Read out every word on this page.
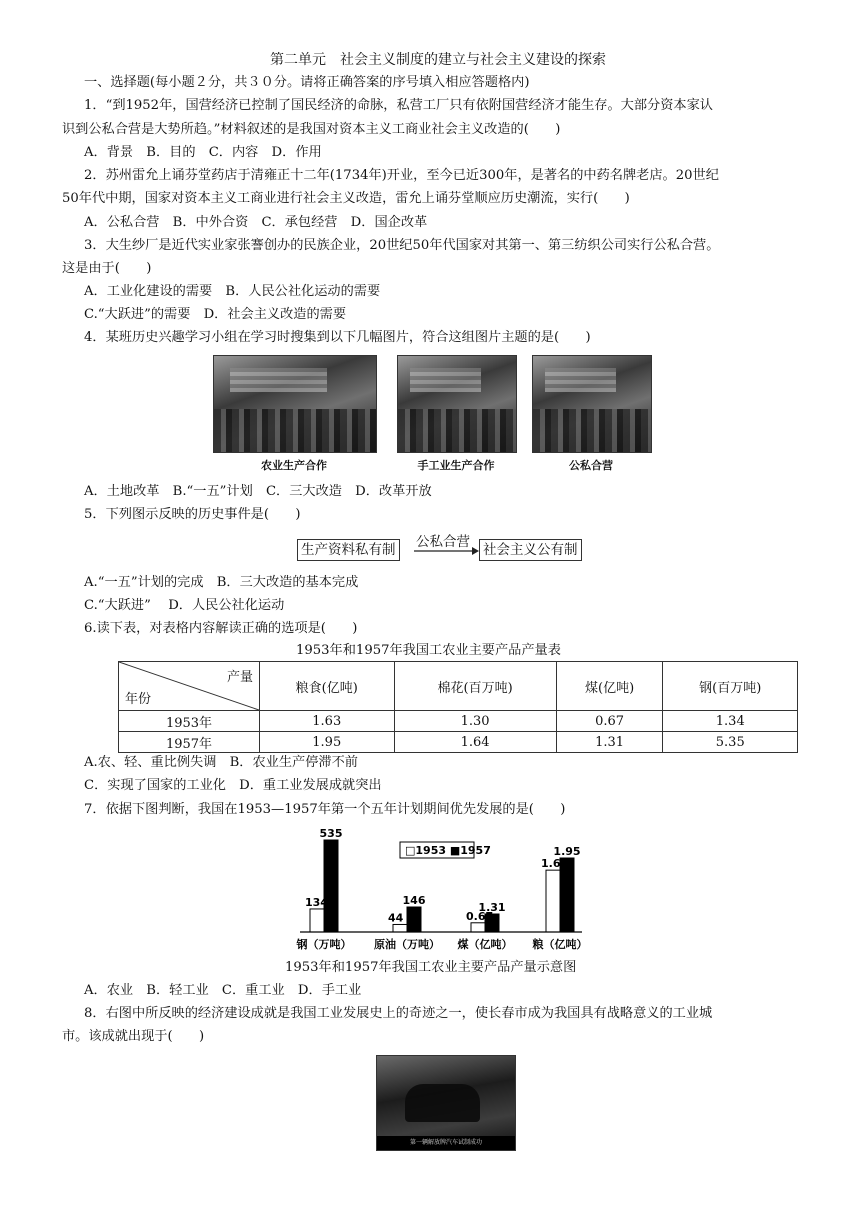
第二单元　社会主义制度的建立与社会主义建设的探索
一、选择题(每小题２分，共３０分。请将正确答案的序号填入相应答题格内)
1．“到1952年，国营经济已控制了国民经济的命脉，私营工厂只有依附国营经济才能生存。大部分资本家认
识到公私合营是大势所趋。”材料叙述的是我国对资本主义工商业社会主义改造的(　　)
A．背景　B．目的　C．内容　D．作用
2．苏州雷允上诵芬堂药店于清雍正十二年(1734年)开业，至今已近300年，是著名的中药名牌老店。20世纪
50年代中期，国家对资本主义工商业进行社会主义改造，雷允上诵芬堂顺应历史潮流，实行(　　)
A．公私合营　B．中外合资　C．承包经营　D．国企改革
3．大生纱厂是近代实业家张謇创办的民族企业，20世纪50年代国家对其第一、第三纺织公司实行公私合营。
这是由于(　　)
A．工业化建设的需要　B．人民公社化运动的需要
C.“大跃进”的需要　D．社会主义改造的需要
4．某班历史兴趣学习小组在学习时搜集到以下几幅图片，符合这组图片主题的是(　　)
农业生产合作	手工业生产合作	公私合营
A．土地改革　B.“一五”计划　C．三大改造　D．改革开放
5．下列图示反映的历史事件是(　　)
生产资料私有制 公私合营 社会主义公有制
A.“一五”计划的完成　B．三大改造的基本完成
C.“大跃进”　 D．人民公社化运动
6.读下表，对表格内容解读正确的选项是(　　)
1953年和1957年我国工农业主要产品产量表
产量
年份	粮食(亿吨)	棉花(百万吨)	煤(亿吨)	钢(百万吨)
1953年	1.63	1.30	0.67	1.34
1957年	1.95	1.64	1.31	5.35
A.农、轻、重比例失调　B．农业生产停滞不前
C．实现了国家的工业化　D．重工业发展成就突出
7．依据下图判断，我国在1953—1957年第一个五年计划期间优先发展的是(　　)
134
535
钢（万吨）
44
146
原油（万吨）
0.67
1.31
煤（亿吨）
1.63
1.95
粮（亿吨）
□1953 ■1957
1953年和1957年我国工农业主要产品产量示意图
A．农业　B．轻工业　C．重工业　D．手工业
8．右图中所反映的经济建设成就是我国工业发展史上的奇迹之一，使长春市成为我国具有战略意义的工业城
市。该成就出现于(　　)
第一辆解放牌汽车试制成功
